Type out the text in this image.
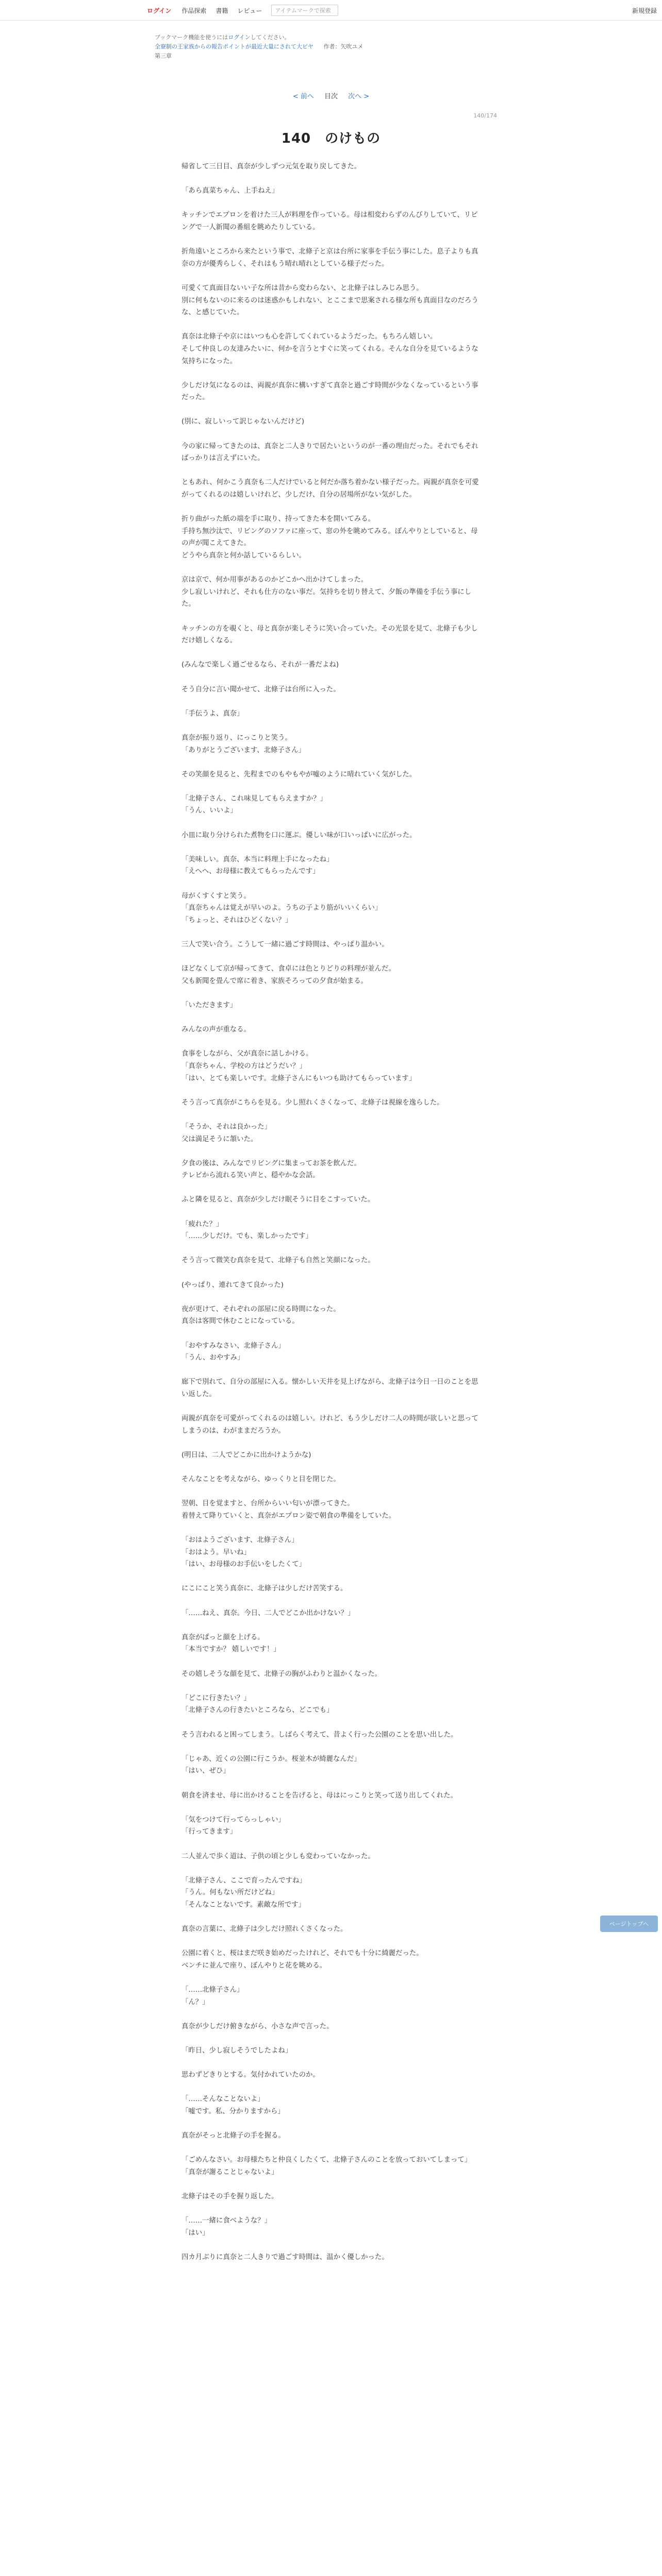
ログイン 作品探索 書籍 レビュー アイテムマークで探索	新規登録
ブックマーク機能を使うにはログインしてください。
全寮制の王家族からの報告ポイントが最近大量にされて大ピヤ 作者：矢吹ユメ
第三章
< 前へ 目次 次へ >
140/174
140　のけもの

帰省して三日目、真奈が少しずつ元気を取り戻してきた。

「あら真菜ちゃん、上手ねえ」

キッチンでエプロンを着けた三人が料理を作っている。母は相変わらずのんびりしていて、リビングで一人新聞の番組を眺めたりしている。

折角遠いところから来たという事で、北條子と京は台所に家事を手伝う事にした。息子よりも真奈の方が優秀らしく、それはもう晴れ晴れとしている様子だった。

可愛くて真面目ないい子な所は昔から変わらない、と北條子はしみじみ思う。

別に何もないのに来るのは迷惑かもしれない、とここまで思案される様な所も真面目なのだろうな、と感じていた。

真奈は北條子や京にはいつも心を許してくれているようだった。もちろん嬉しい。

そして仲良しの友達みたいに、何かを言うとすぐに笑ってくれる。そんな自分を見ているような気持ちになった。

少しだけ気になるのは、両親が真奈に構いすぎて真奈と過ごす時間が少なくなっているという事だった。

(別に、寂しいって訳じゃないんだけど)

今の家に帰ってきたのは、真奈と二人きりで居たいというのが一番の理由だった。それでもそればっかりは言えずにいた。

ともあれ、何かこう真奈も二人だけでいると何だか落ち着かない様子だった。両親が真奈を可愛がってくれるのは嬉しいけれど、少しだけ、自分の居場所がない気がした。

折り曲がった紙の端を手に取り、持ってきた本を開いてみる。

手持ち無沙汰で、リビングのソファに座って、窓の外を眺めてみる。ぼんやりとしていると、母の声が聞こえてきた。

どうやら真奈と何か話しているらしい。

京は京で、何か用事があるのかどこかへ出かけてしまった。

少し寂しいけれど、それも仕方のない事だ。気持ちを切り替えて、夕飯の準備を手伝う事にした。

キッチンの方を覗くと、母と真奈が楽しそうに笑い合っていた。その光景を見て、北條子も少しだけ嬉しくなる。

(みんなで楽しく過ごせるなら、それが一番だよね)

そう自分に言い聞かせて、北條子は台所に入った。

「手伝うよ、真奈」

真奈が振り返り、にっこりと笑う。

「ありがとうございます、北條子さん」

その笑顔を見ると、先程までのもやもやが嘘のように晴れていく気がした。

「北條子さん、これ味見してもらえますか？」

「うん、いいよ」

小皿に取り分けられた煮物を口に運ぶ。優しい味が口いっぱいに広がった。

「美味しい。真奈、本当に料理上手になったね」

「えへへ、お母様に教えてもらったんです」

母がくすくすと笑う。

「真奈ちゃんは覚えが早いのよ。うちの子より筋がいいくらい」

「ちょっと、それはひどくない？」

三人で笑い合う。こうして一緒に過ごす時間は、やっぱり温かい。

ほどなくして京が帰ってきて、食卓には色とりどりの料理が並んだ。

父も新聞を畳んで席に着き、家族そろっての夕食が始まる。

「いただきます」

みんなの声が重なる。

食事をしながら、父が真奈に話しかける。

「真奈ちゃん、学校の方はどうだい？」

「はい、とても楽しいです。北條子さんにもいつも助けてもらっています」

そう言って真奈がこちらを見る。少し照れくさくなって、北條子は視線を逸らした。

「そうか、それは良かった」

父は満足そうに頷いた。

夕食の後は、みんなでリビングに集まってお茶を飲んだ。

テレビから流れる笑い声と、穏やかな会話。

ふと隣を見ると、真奈が少しだけ眠そうに目をこすっていた。

「疲れた？」

「……少しだけ。でも、楽しかったです」

そう言って微笑む真奈を見て、北條子も自然と笑顔になった。

(やっぱり、連れてきて良かった)

夜が更けて、それぞれの部屋に戻る時間になった。

真奈は客間で休むことになっている。

「おやすみなさい、北條子さん」

「うん、おやすみ」

廊下で別れて、自分の部屋に入る。懐かしい天井を見上げながら、北條子は今日一日のことを思い返した。

両親が真奈を可愛がってくれるのは嬉しい。けれど、もう少しだけ二人の時間が欲しいと思ってしまうのは、わがままだろうか。

(明日は、二人でどこかに出かけようかな)

そんなことを考えながら、ゆっくりと目を閉じた。

翌朝、目を覚ますと、台所からいい匂いが漂ってきた。

着替えて降りていくと、真奈がエプロン姿で朝食の準備をしていた。

「おはようございます、北條子さん」

「おはよう。早いね」

「はい、お母様のお手伝いをしたくて」

にこにこと笑う真奈に、北條子は少しだけ苦笑する。

「……ねえ、真奈。今日、二人でどこか出かけない？」

真奈がぱっと顔を上げる。

「本当ですか？ 嬉しいです！」

その嬉しそうな顔を見て、北條子の胸がふわりと温かくなった。

「どこに行きたい？」

「北條子さんの行きたいところなら、どこでも」

そう言われると困ってしまう。しばらく考えて、昔よく行った公園のことを思い出した。

「じゃあ、近くの公園に行こうか。桜並木が綺麗なんだ」

「はい、ぜひ」

朝食を済ませ、母に出かけることを告げると、母はにっこりと笑って送り出してくれた。

「気をつけて行ってらっしゃい」

「行ってきます」

二人並んで歩く道は、子供の頃と少しも変わっていなかった。

「北條子さん、ここで育ったんですね」

「うん。何もない所だけどね」

「そんなことないです。素敵な所です」

真奈の言葉に、北條子は少しだけ照れくさくなった。

公園に着くと、桜はまだ咲き始めだったけれど、それでも十分に綺麗だった。

ベンチに並んで座り、ぼんやりと花を眺める。

「……北條子さん」

「ん？」

真奈が少しだけ俯きながら、小さな声で言った。

「昨日、少し寂しそうでしたよね」

思わずどきりとする。気付かれていたのか。

「……そんなことないよ」

「嘘です。私、分かりますから」

真奈がそっと北條子の手を握る。

「ごめんなさい。お母様たちと仲良くしたくて、北條子さんのことを放っておいてしまって」

「真奈が謝ることじゃないよ」

北條子はその手を握り返した。

「……一緒に食べような？」

「はい」

四カ月ぶりに真奈と二人きりで過ごす時間は、温かく優しかった。

ページトップへ
